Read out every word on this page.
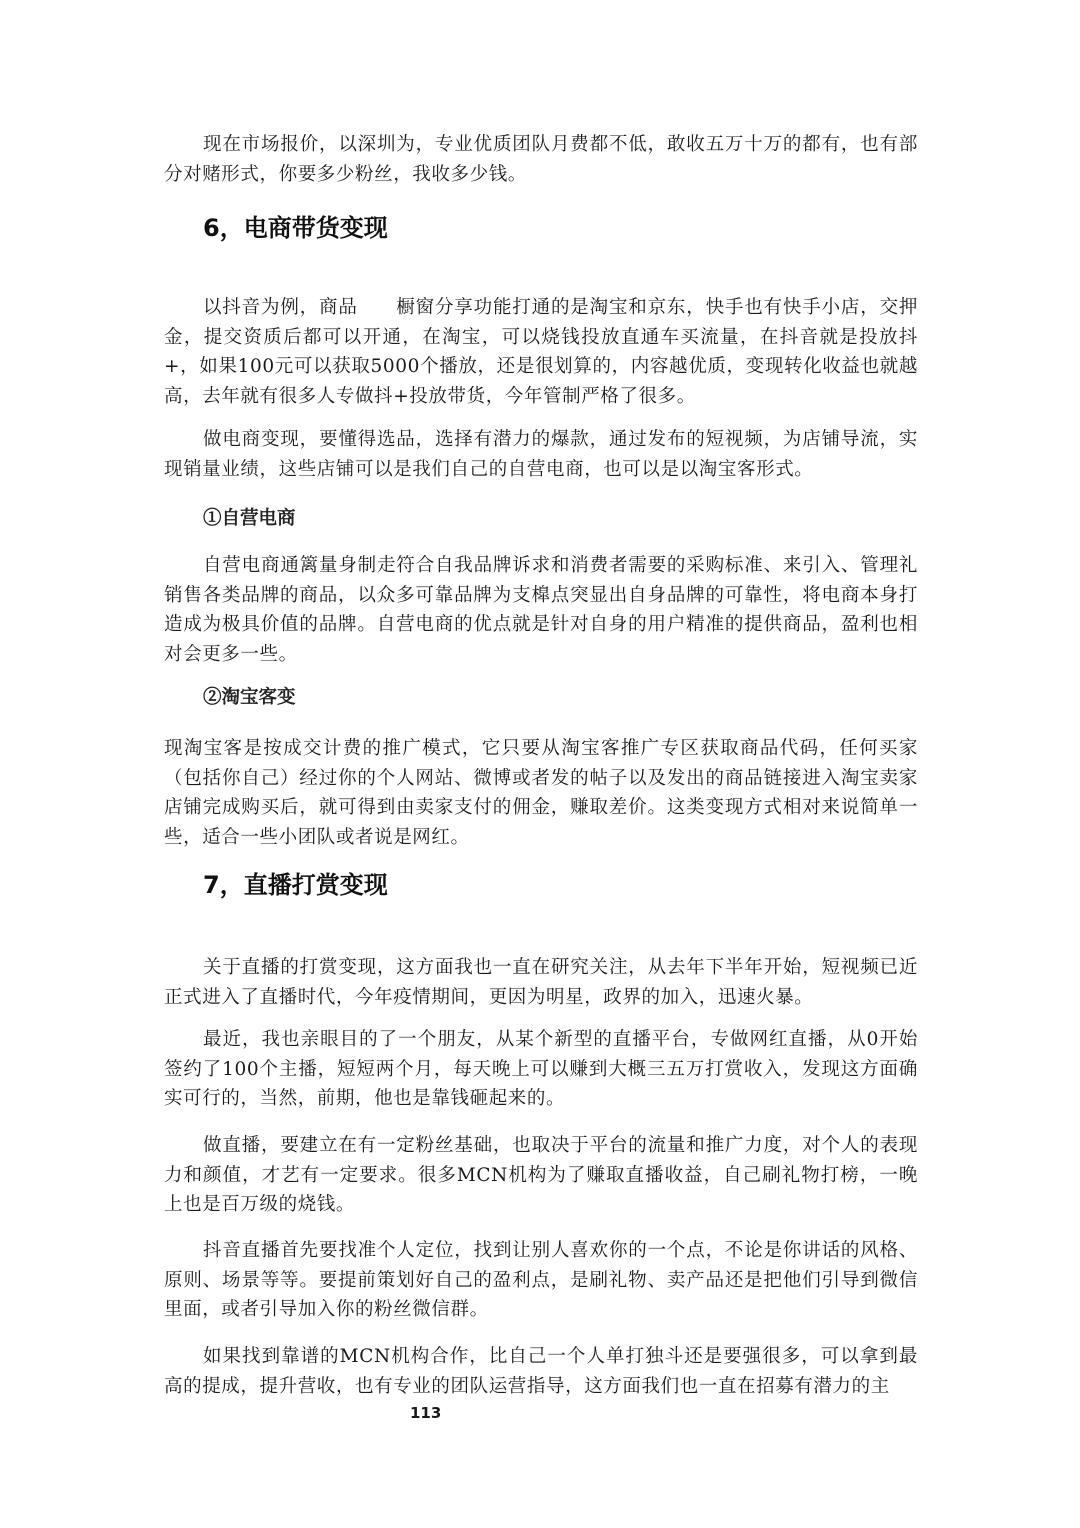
现在市场报价，以深圳为，专业优质团队月费都不低，敢收五万十万的都有，也有部分对赌形式，你要多少粉丝，我收多少钱。

6，电商带货变现

以抖音为例，商品　　橱窗分享功能打通的是淘宝和京东，快手也有快手小店，交押金，提交资质后都可以开通，在淘宝，可以烧钱投放直通车买流量，在抖音就是投放抖+，如果100元可以获取5000个播放，还是很划算的，内容越优质，变现转化收益也就越高，去年就有很多人专做抖+投放带货，今年管制严格了很多。

做电商变现，要懂得选品，选择有潜力的爆款，通过发布的短视频，为店铺导流，实现销量业绩，这些店铺可以是我们自己的自营电商，也可以是以淘宝客形式。

①自营电商

自营电商通篱量身制走符合自我品牌诉求和消费者需要的采购标准、来引入、管理礼销售各类品牌的商品，以众多可靠品牌为支橰点突显出自身品牌的可靠性，将电商本身打造成为极具价值的品牌。自营电商的优点就是针对自身的用户精准的提供商品，盈利也相对会更多一些。

②淘宝客变

现淘宝客是按成交计费的推广模式，它只要从淘宝客推广专区获取商品代码，任何买家（包括你自己）经过你的个人网站、微博或者发的帖子以及发出的商品链接进入淘宝卖家店铺完成购买后，就可得到由卖家支付的佣金，赚取差价。这类变现方式相对来说简单一些，适合一些小团队或者说是网红。

7，直播打赏变现

关于直播的打赏变现，这方面我也一直在研究关注，从去年下半年开始，短视频已近正式进入了直播时代，今年疫情期间，更因为明星，政界的加入，迅速火暴。

最近，我也亲眼目的了一个朋友，从某个新型的直播平台，专做网红直播，从0开始签约了100个主播，短短两个月，每天晚上可以赚到大概三五万打赏收入，发现这方面确实可行的，当然，前期，他也是靠钱砸起来的。

做直播，要建立在有一定粉丝基础，也取决于平台的流量和推广力度，对个人的表现力和颜值，才艺有一定要求。很多MCN机构为了赚取直播收益，自己刷礼物打榜，一晚上也是百万级的烧钱。

抖音直播首先要找准个人定位，找到让别人喜欢你的一个点，不论是你讲话的风格、原则、场景等等。要提前策划好自己的盈利点，是刷礼物、卖产品还是把他们引导到微信里面，或者引导加入你的粉丝微信群。

如果找到靠谱的MCN机构合作，比自己一个人单打独斗还是要强很多，可以拿到最高的提成，提升营收，也有专业的团队运营指导，这方面我们也一直在招募有潜力的主

113
